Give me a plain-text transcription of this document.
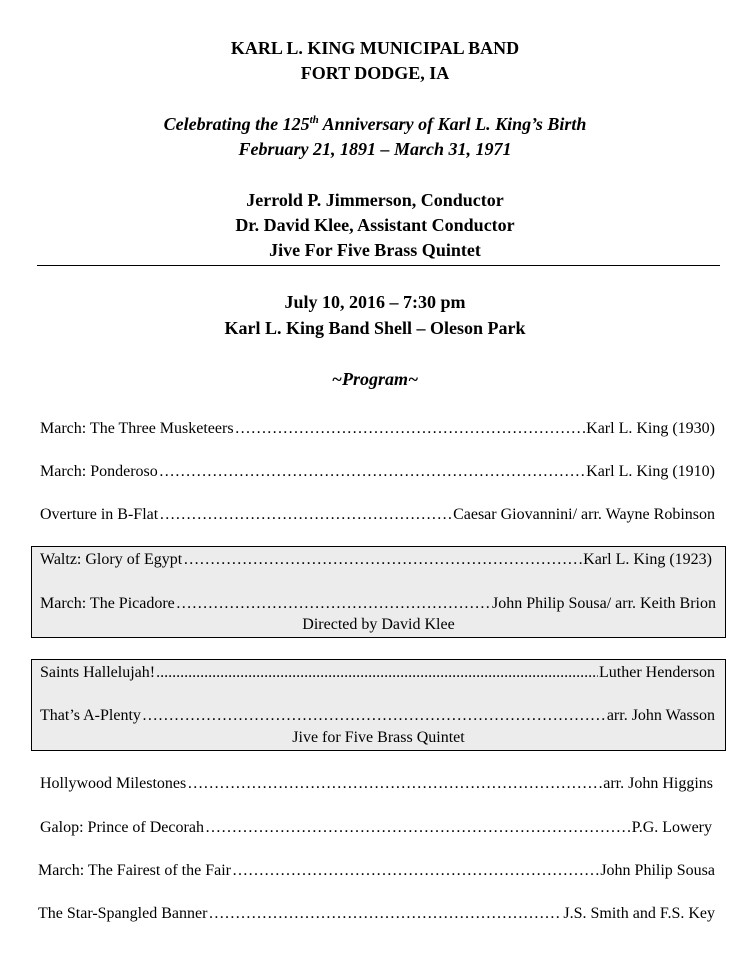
KARL L. KING MUNICIPAL BAND
FORT DODGE, IA
Celebrating the 125th Anniversary of Karl L. King’s Birth
February 21, 1891 – March 31, 1971
Jerrold P. Jimmerson, Conductor
Dr. David Klee, Assistant Conductor
Jive For Five Brass Quintet
July 10, 2016 – 7:30 pm
Karl L. King Band Shell – Oleson Park
~Program~
Directed by David Klee
Jive for Five Brass Quintet
March: The Three Musketeers …………………………………………………………………………………………………………………………………………………………	Karl L. King (1930)
March: Ponderoso …………………………………………………………………………………………………………………………………………………………	Karl L. King (1910)
Overture in B-Flat …………………………………………………………………………………………………………………………………………………………	Caesar Giovannini/ arr. Wayne Robinson
Waltz: Glory of Egypt …………………………………………………………………………………………………………………………………………………………	Karl L. King (1923)
March: The Picadore …………………………………………………………………………………………………………………………………………………………	John Philip Sousa/ arr. Keith Brion
Saints Hallelujah! .....	Luther Henderson
That’s A-Plenty …………………………………………………………………………………………………………………………………………………………	arr. John Wasson
Hollywood Milestones …………………………………………………………………………………………………………………………………………………………	arr. John Higgins
Galop: Prince of Decorah …………………………………………………………………………………………………………………………………………………………	P.G. Lowery
March: The Fairest of the Fair …………………………………………………………………………………………………………………………………………………………	John Philip Sousa
The Star-Spangled Banner …………………………………………………………………………………………………………………………………………………………	J.S. Smith and F.S. Key
